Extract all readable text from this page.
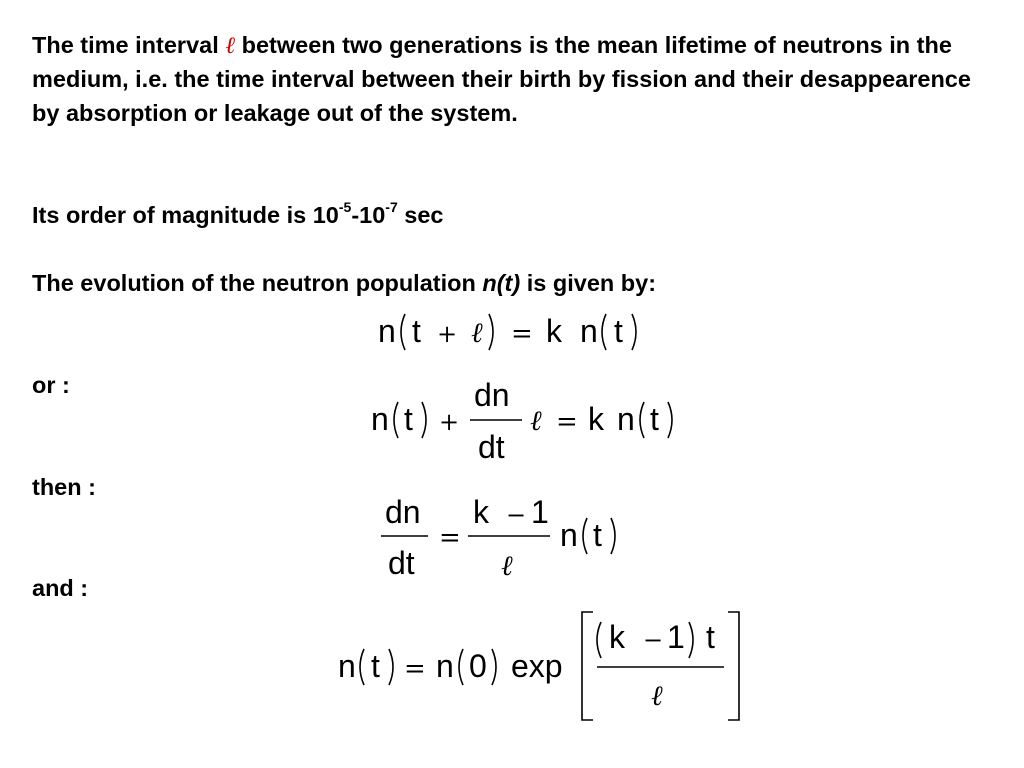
The time interval ℓ between two generations is the mean lifetime of neutrons in the medium, i.e. the time interval between their birth by fission and their desappearence by absorption or leakage out of the system.
Its order of magnitude is $10^{-5}-10^{-7}$ sec
The evolution of the neutron population n(t) is given by:
or :
then :
and :
n t + ℓ = k n t
n t +
dn
dt
ℓ = k n t
dn
dt
=
k − 1
ℓ
n t
n t = n 0 exp
k − 1 t
ℓ
